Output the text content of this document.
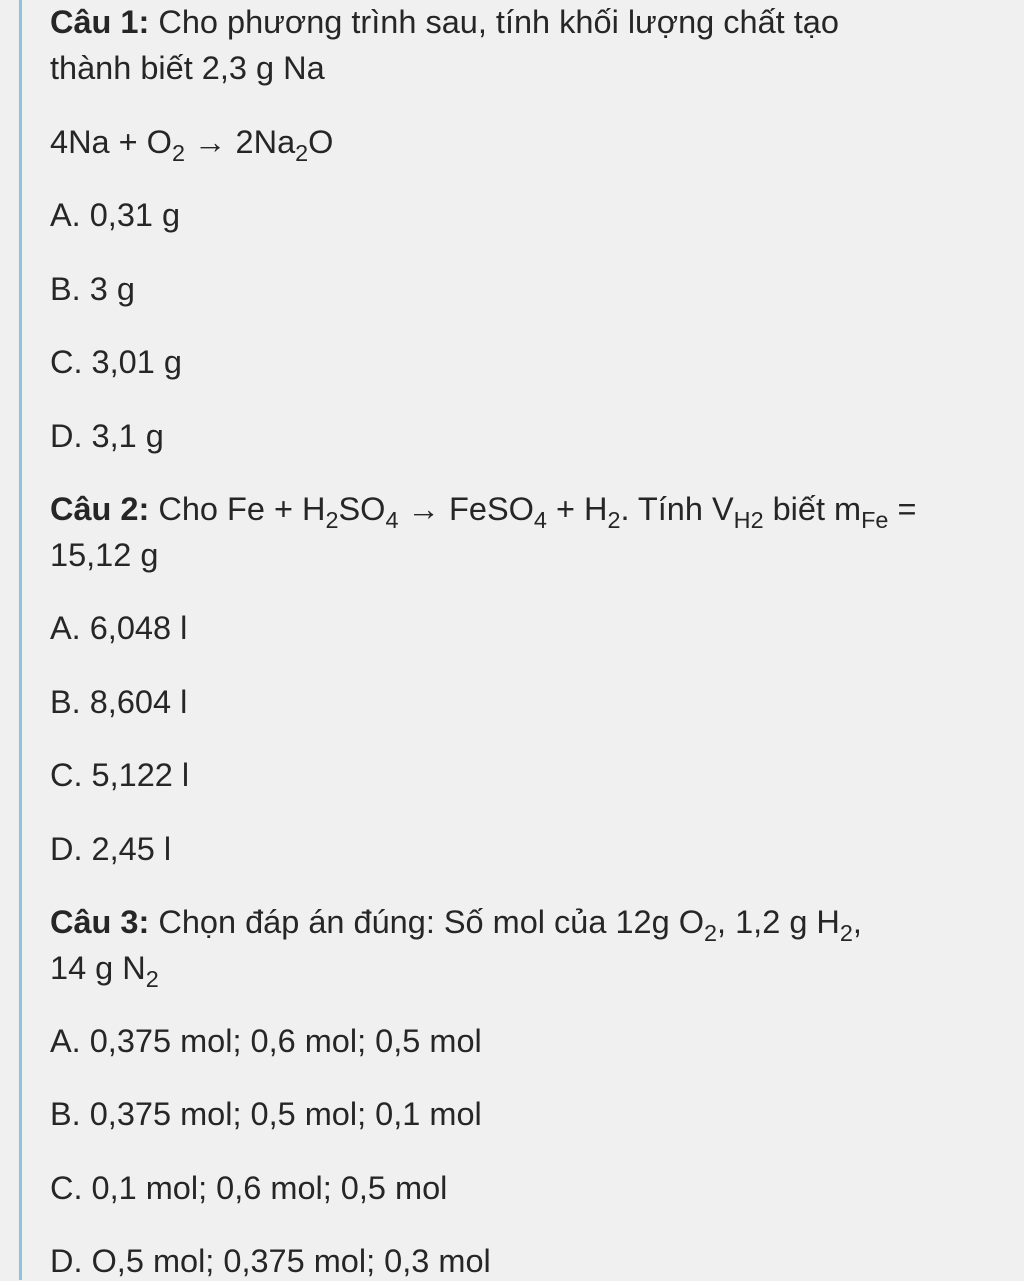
Câu 1: Cho phương trình sau, tính khối lượng chất tạo
thành biết 2,3 g Na
$4Na + O_2 \to 2Na_2O$
A. 0,31 g
B. 3 g
C. 3,01 g
D. 3,1 g
Câu 2: Cho $Fe + H_2SO_4$ → FeSO$_4$ + $H_2$. Tính $V_{H2}$ biết $m_{Fe}$ =
15,12 g
A. 6,048 l
B. 8,604 l
C. 5,122 l
D. 2,45 l
Câu 3: Chọn đáp án đúng: Số mol của 12g $O_2$, 1,2 g $H_2$,
14 g $N_2$
A. 0,375 mol; 0,6 mol; 0,5 mol
B. 0,375 mol; 0,5 mol; 0,1 mol
C. 0,1 mol; 0,6 mol; 0,5 mol
D. O,5 mol; 0,375 mol; 0,3 mol
